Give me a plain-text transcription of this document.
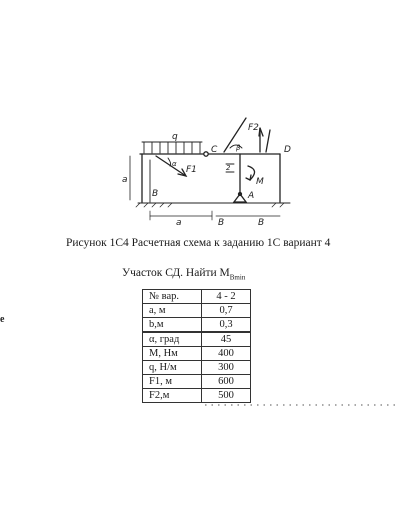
q
C	D
F1
F2
α
β
M
2
A
B
a
a	B	B
Рисунок 1С4 Расчетная схема к заданию 1С вариант 4
Участок СД. Найти $M_{Bmin}$
e
№ вар.	4 - 2
а, м	0,7
b,м	0,3
α, град	45
М, Нм	400
q, Н/м	300
F1, м	600
F2,м	500
